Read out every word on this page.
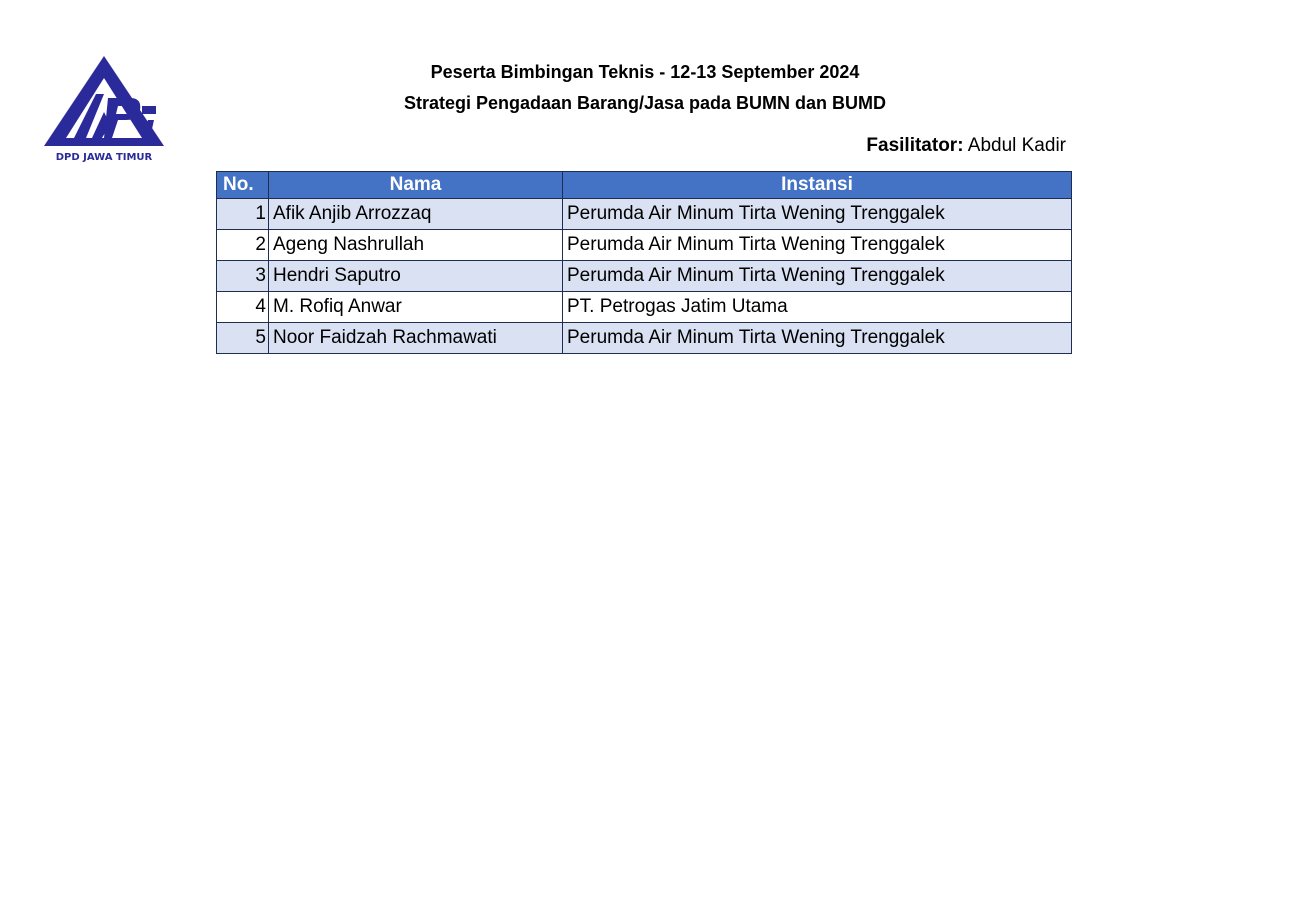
DPD JAWA TIMUR
Peserta Bimbingan Teknis - 12-13 September 2024
Strategi Pengadaan Barang/Jasa pada BUMN dan BUMD
Fasilitator: Abdul Kadir
No.	Nama	Instansi
1	Afik Anjib Arrozzaq	Perumda Air Minum Tirta Wening Trenggalek
2	Ageng Nashrullah	Perumda Air Minum Tirta Wening Trenggalek
3	Hendri Saputro	Perumda Air Minum Tirta Wening Trenggalek
4	M. Rofiq Anwar	PT. Petrogas Jatim Utama
5	Noor Faidzah Rachmawati	Perumda Air Minum Tirta Wening Trenggalek
